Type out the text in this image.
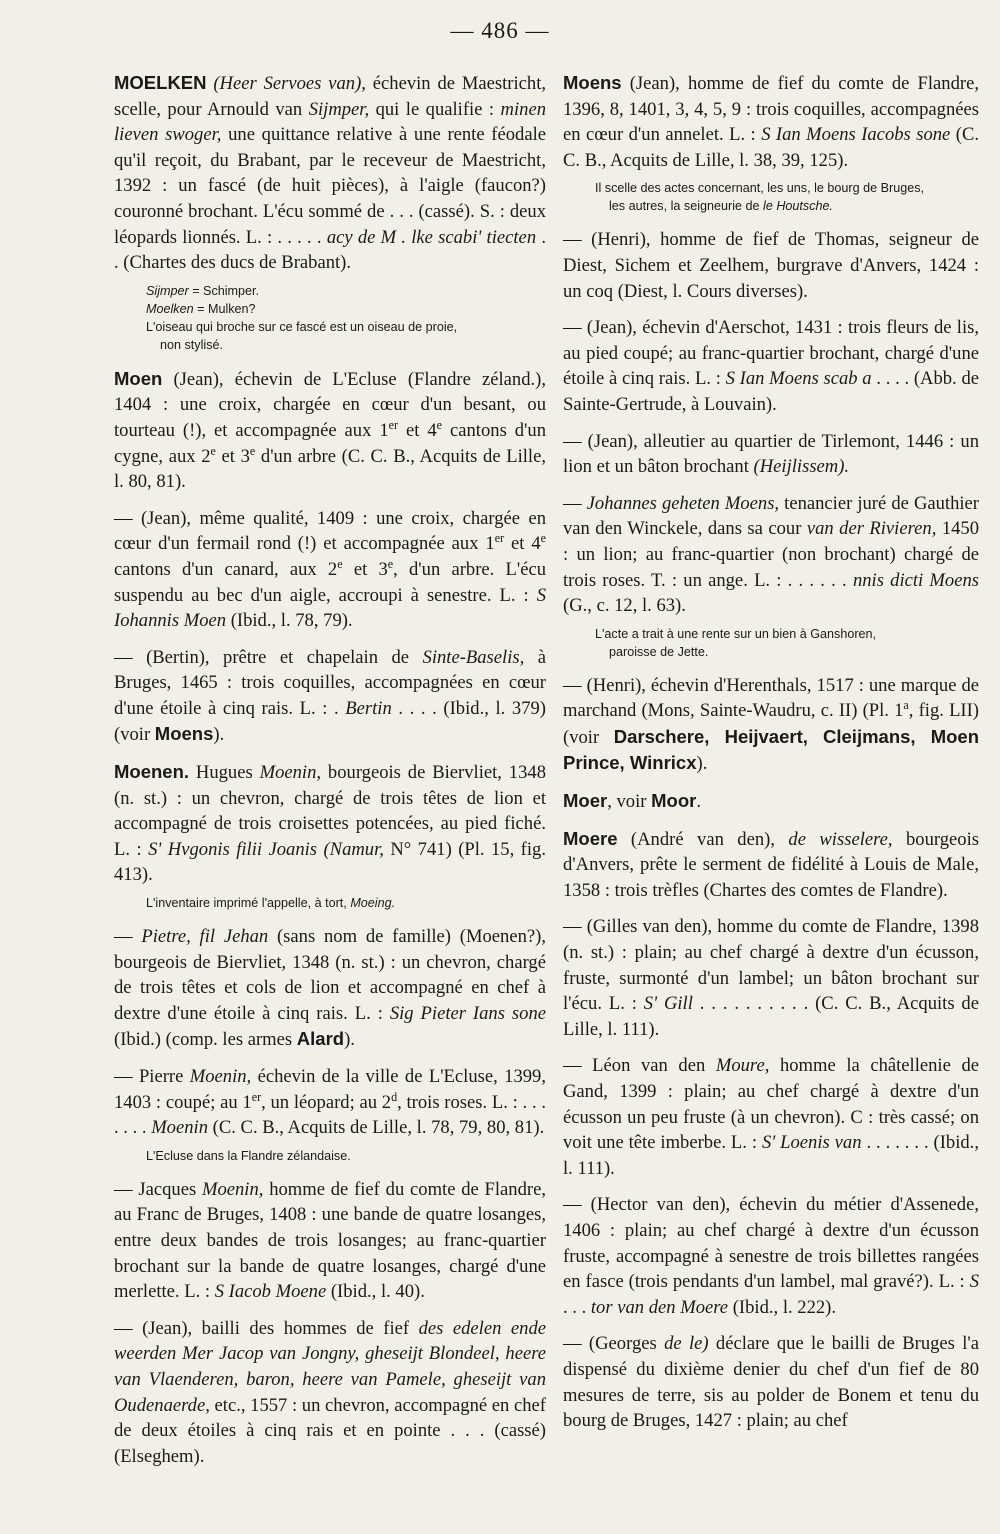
— 486 —

MOELKEN (Heer Servoes van), échevin de Maestricht, scelle, pour Arnould van Sijmper, qui le qualifie : minen lieven swoger, une quittance relative à une rente féodale qu'il reçoit, du Brabant, par le receveur de Maestricht, 1392 : un fascé (de huit pièces), à l'aigle (faucon?) couronné brochant. L'écu sommé de . . . (cassé). S. : deux léopards lionnés. L. : . . . . . acy de M . lke scabi' tiecten . . (Chartes des ducs de Brabant).

Sijmper = Schimper.
Moelken = Mulken?
L'oiseau qui broche sur ce fascé est un oiseau de proie,
non stylisé.

Moen (Jean), échevin de L'Ecluse (Flandre zéland.), 1404 : une croix, chargée en cœur d'un besant, ou tourteau (!), et accompagnée aux 1er et 4e cantons d'un cygne, aux 2e et 3e d'un arbre (C. C. B., Acquits de Lille, l. 80, 81).

— (Jean), même qualité, 1409 : une croix, chargée en cœur d'un fermail rond (!) et accompagnée aux 1er et 4e cantons d'un canard, aux 2e et 3e, d'un arbre. L'écu suspendu au bec d'un aigle, accroupi à senestre. L. : S Iohannis Moen (Ibid., l. 78, 79).

— (Bertin), prêtre et chapelain de Sinte-Baselis, à Bruges, 1465 : trois coquilles, accompagnées en cœur d'une étoile à cinq rais. L. : . Bertin . . . . (Ibid., l. 379) (voir Moens).

Moenen. Hugues Moenin, bourgeois de Biervliet, 1348 (n. st.) : un chevron, chargé de trois têtes de lion et accompagné de trois croisettes potencées, au pied fiché. L. : S' Hvgonis filii Joanis (Namur, N° 741) (Pl. 15, fig. 413).

L'inventaire imprimé l'appelle, à tort, Moeing.

— Pietre, fil Jehan (sans nom de famille) (Moenen?), bourgeois de Biervliet, 1348 (n. st.) : un chevron, chargé de trois têtes et cols de lion et accompagné en chef à dextre d'une étoile à cinq rais. L. : Sig Pieter Ians sone (Ibid.) (comp. les armes Alard).

— Pierre Moenin, échevin de la ville de L'Ecluse, 1399, 1403 : coupé; au 1er, un léopard; au 2$^d$, trois roses. L. : . . . . . . . Moenin (C. C. B., Acquits de Lille, l. 78, 79, 80, 81).

L'Ecluse dans la Flandre zélandaise.

— Jacques Moenin, homme de fief du comte de Flandre, au Franc de Bruges, 1408 : une bande de quatre losanges, entre deux bandes de trois losanges; au franc-quartier brochant sur la bande de quatre losanges, chargé d'une merlette. L. : S Iacob Moene (Ibid., l. 40).

— (Jean), bailli des hommes de fief des edelen ende weerden Mer Jacop van Jongny, gheseijt Blondeel, heere van Vlaenderen, baron, heere van Pamele, gheseijt van Oudenaerde, etc., 1557 : un chevron, accompagné en chef de deux étoiles à cinq rais et en pointe . . . (cassé) (Elseghem).

Moens (Jean), homme de fief du comte de Flandre, 1396, 8, 1401, 3, 4, 5, 9 : trois coquilles, accompagnées en cœur d'un annelet. L. : S Ian Moens Iacobs sone (C. C. B., Acquits de Lille, l. 38, 39, 125).

Il scelle des actes concernant, les uns, le bourg de Bruges,
les autres, la seigneurie de le Houtsche.

— (Henri), homme de fief de Thomas, seigneur de Diest, Sichem et Zeelhem, burgrave d'Anvers, 1424 : un coq (Diest, l. Cours diverses).

— (Jean), échevin d'Aerschot, 1431 : trois fleurs de lis, au pied coupé; au franc-quartier brochant, chargé d'une étoile à cinq rais. L. : S Ian Moens scab a . . . . (Abb. de Sainte-Gertrude, à Louvain).

— (Jean), alleutier au quartier de Tirlemont, 1446 : un lion et un bâton brochant (Heijlissem).

— Johannes geheten Moens, tenancier juré de Gauthier van den Winckele, dans sa cour van der Rivieren, 1450 : un lion; au franc-quartier (non brochant) chargé de trois roses. T. : un ange. L. : . . . . . . nnis dicti Moens (G., c. 12, l. 63).

L'acte a trait à une rente sur un bien à Ganshoren,
paroisse de Jette.

— (Henri), échevin d'Herenthals, 1517 : une marque de marchand (Mons, Sainte-Waudru, c. II) (Pl. 1$^a$, fig. LII) (voir Darschere, Heijvaert, Cleijmans, Moen Prince, Winricx).

Moer, voir Moor.

Moere (André van den), de wisselere, bourgeois d'Anvers, prête le serment de fidélité à Louis de Male, 1358 : trois trèfles (Chartes des comtes de Flandre).

— (Gilles van den), homme du comte de Flandre, 1398 (n. st.) : plain; au chef chargé à dextre d'un écusson, fruste, surmonté d'un lambel; un bâton brochant sur l'écu. L. : S' Gill . . . . . . . . . . (C. C. B., Acquits de Lille, l. 111).

— Léon van den Moure, homme la châtellenie de Gand, 1399 : plain; au chef chargé à dextre d'un écusson un peu fruste (à un chevron). C : très cassé; on voit une tête imberbe. L. : S' Loenis van . . . . . . . (Ibid., l. 111).

— (Hector van den), échevin du métier d'Assenede, 1406 : plain; au chef chargé à dextre d'un écusson fruste, accompagné à senestre de trois billettes rangées en fasce (trois pendants d'un lambel, mal gravé?). L. : S . . . tor van den Moere (Ibid., l. 222).

— (Georges de le) déclare que le bailli de Bruges l'a dispensé du dixième denier du chef d'un fief de 80 mesures de terre, sis au polder de Bonem et tenu du bourg de Bruges, 1427 : plain; au chef
